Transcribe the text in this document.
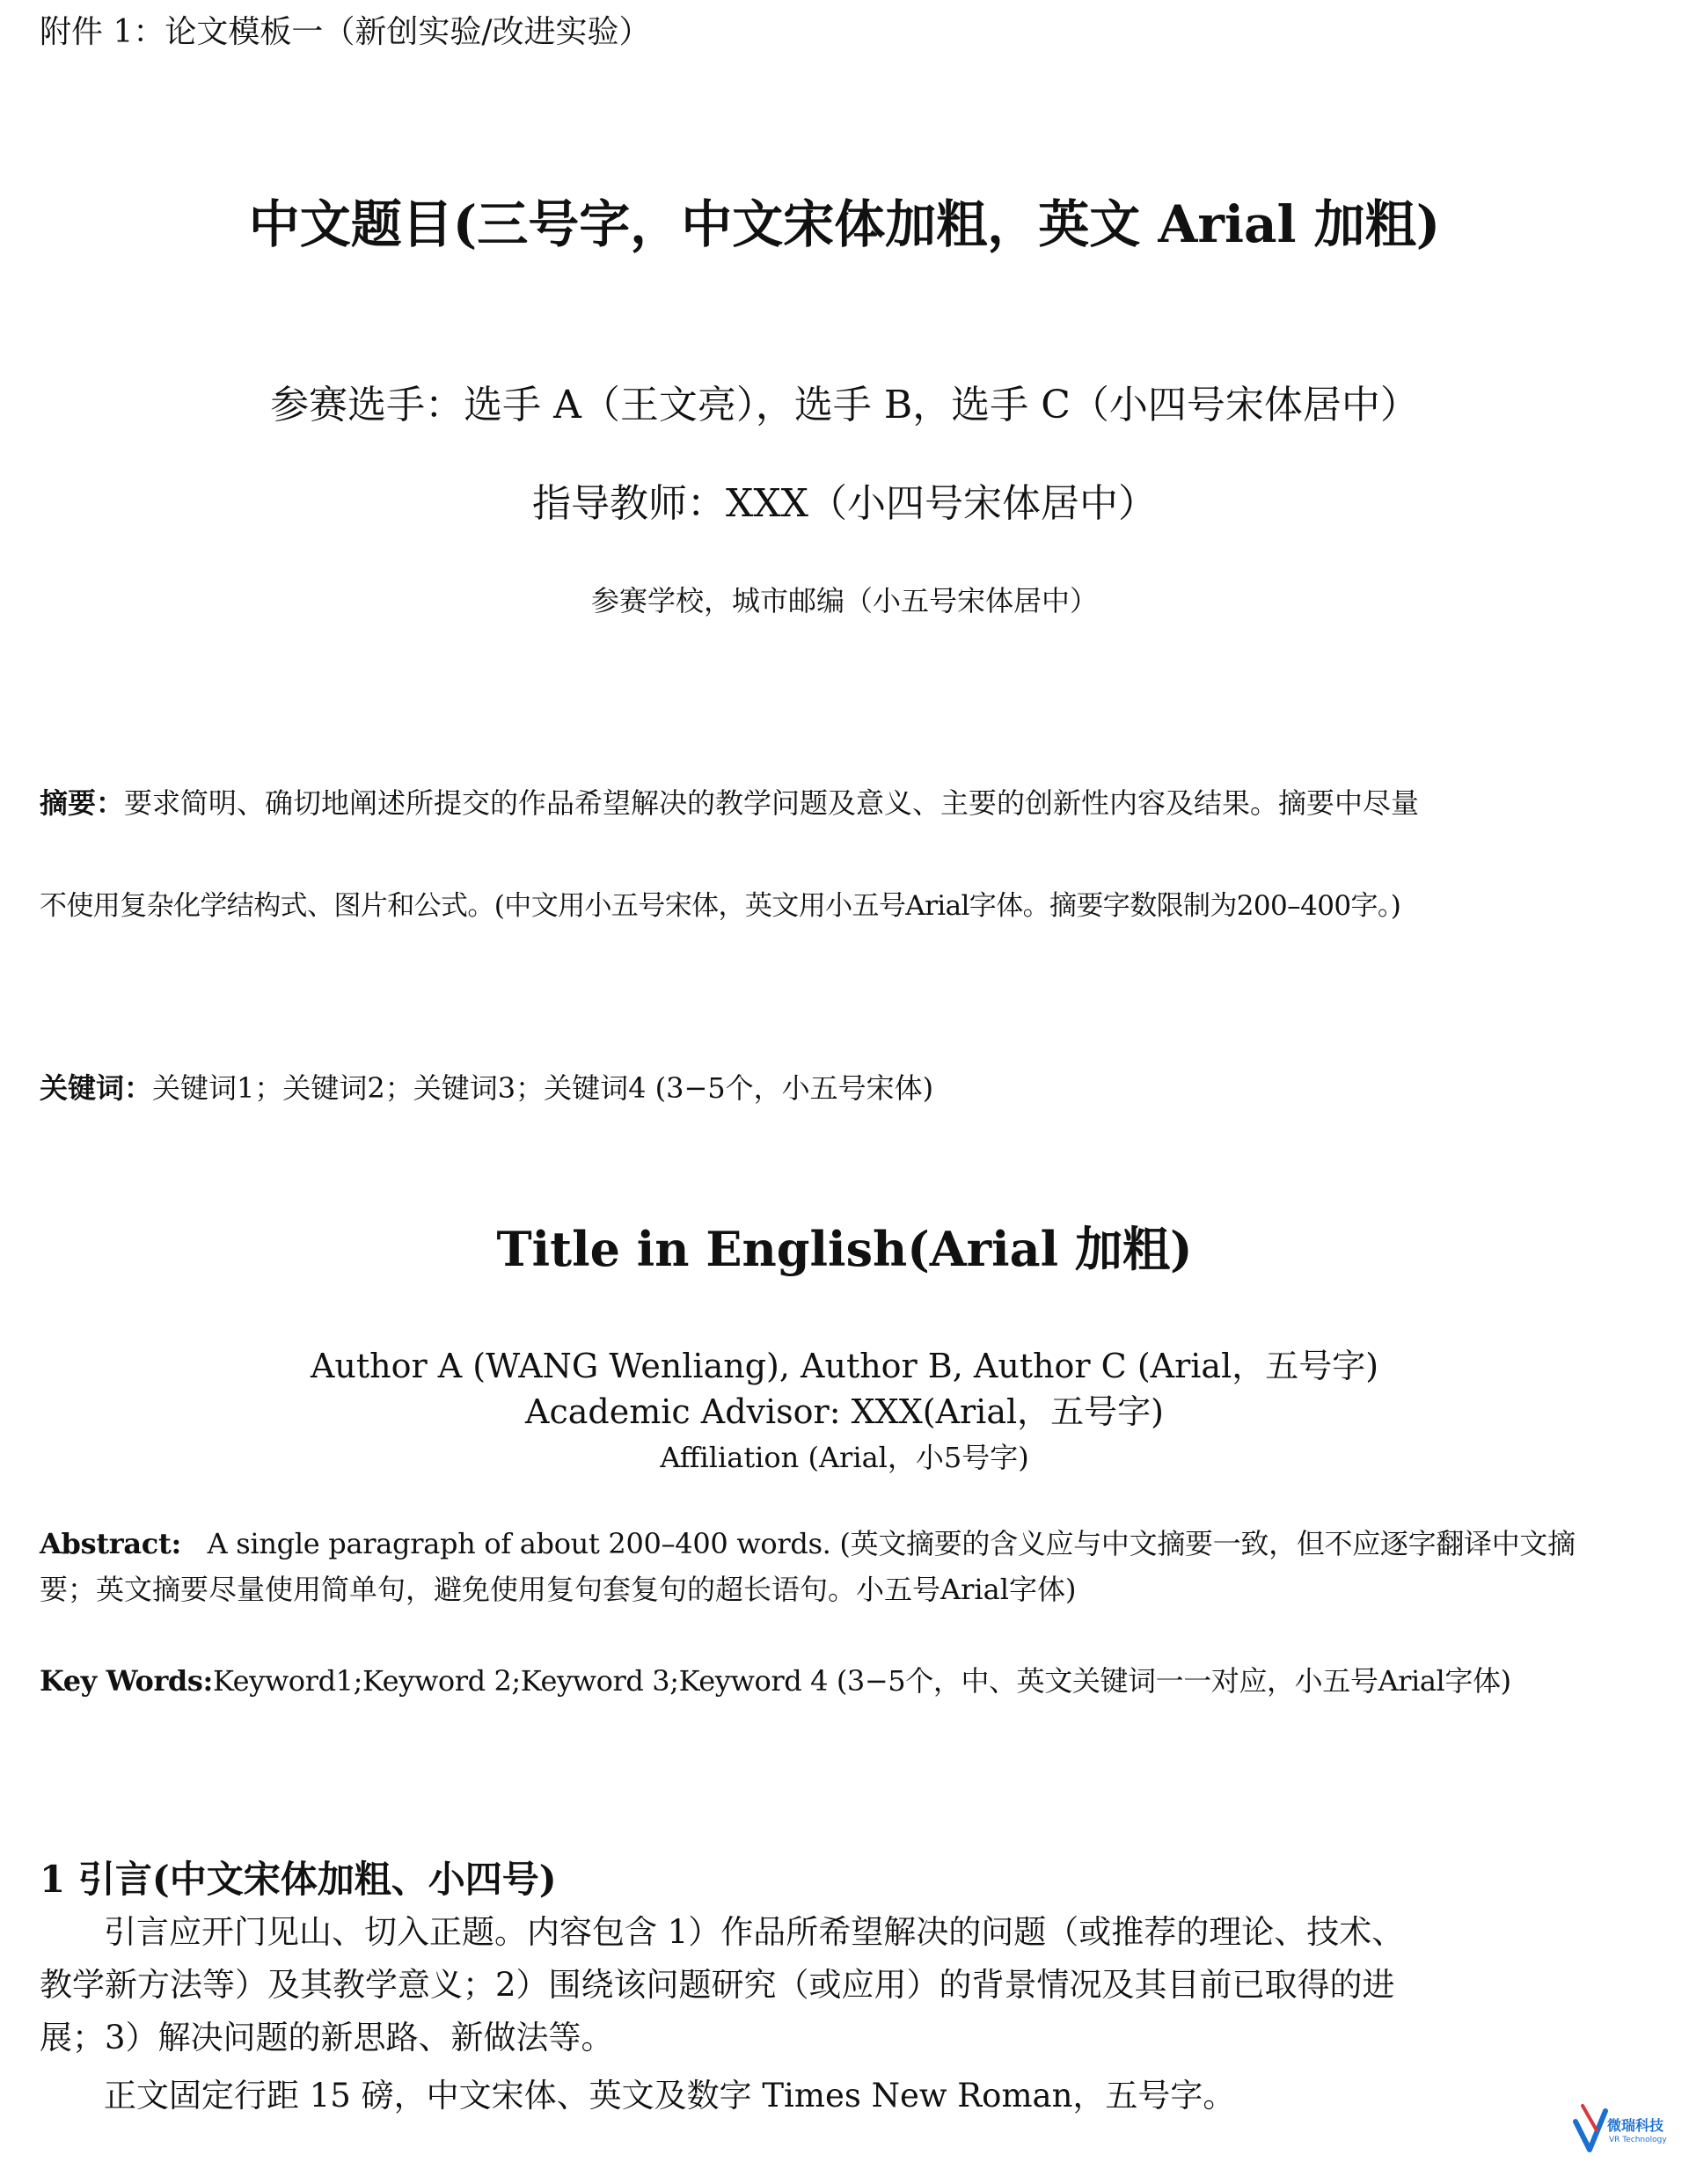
附件 1：论文模板一（新创实验/改进实验）
中文题目(三号字，中文宋体加粗，英文 Arial 加粗)
参赛选手：选手 A（王文亮），选手 B，选手 C（小四号宋体居中）
指导教师：XXX（小四号宋体居中）
参赛学校，城市邮编（小五号宋体居中）
摘要：要求简明、确切地阐述所提交的作品希望解决的教学问题及意义、主要的创新性内容及结果。摘要中尽量
不使用复杂化学结构式、图片和公式。(中文用小五号宋体，英文用小五号Arial字体。摘要字数限制为200–400字。)
关键词：关键词1；关键词2；关键词3；关键词4 (3−5个，小五号宋体)
Title in English(Arial 加粗)
Author A (WANG Wenliang), Author B, Author C (Arial，五号字)
Academic Advisor: XXX(Arial，五号字)
Affiliation (Arial，小5号字)
Abstract: A single paragraph of about 200–400 words. (英文摘要的含义应与中文摘要一致，但不应逐字翻译中文摘
要；英文摘要尽量使用简单句，避免使用复句套复句的超长语句。小五号Arial字体)
Key Words:Keyword1;Keyword 2;Keyword 3;Keyword 4 (3−5个，中、英文关键词一一对应，小五号Arial字体)
1 引言(中文宋体加粗、小四号)
引言应开门见山、切入正题。内容包含 1）作品所希望解决的问题（或推荐的理论、技术、
教学新方法等）及其教学意义；2）围绕该问题研究（或应用）的背景情况及其目前已取得的进
展；3）解决问题的新思路、新做法等。
正文固定行距 15 磅，中文宋体、英文及数字 Times New Roman，五号字。
微瑞科技
VR Technology
